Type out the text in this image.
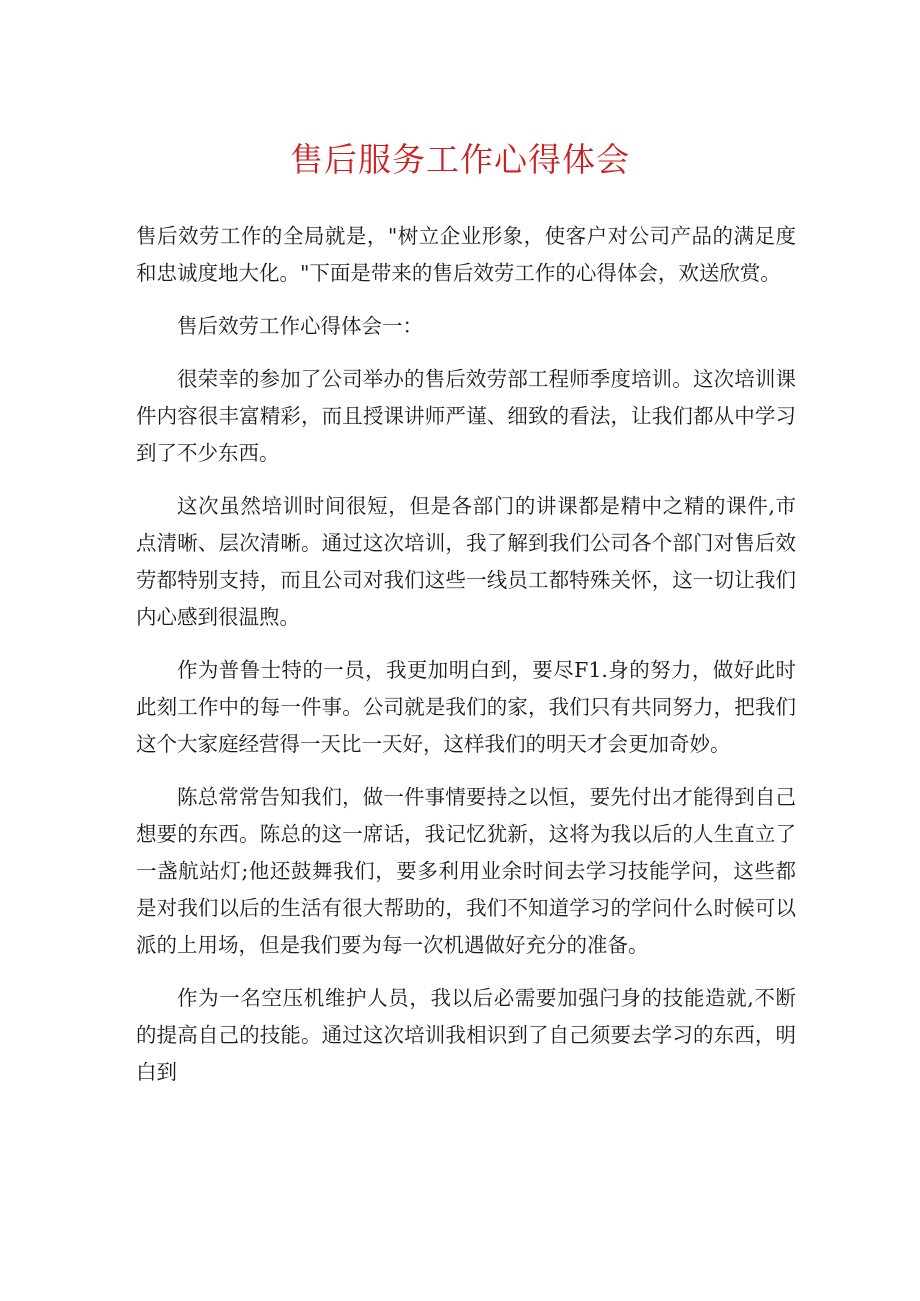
售后服务工作心得体会

售后效劳工作的全局就是，"树立企业形象，使客户对公司产品的满足度和忠诚度地大化。"下面是带来的售后效劳工作的心得体会，欢送欣赏。

售后效劳工作心得体会一：

很荣幸的参加了公司举办的售后效劳部工程师季度培训。这次培训课件内容很丰富精彩，而且授课讲师严谨、细致的看法，让我们都从中学习到了不少东西。

这次虽然培训时间很短，但是各部门的讲课都是精中之精的课件,市点清晰、层次清晰。通过这次培训，我了解到我们公司各个部门对售后效劳都特别支持，而且公司对我们这些一线员工都特殊关怀，这一切让我们内心感到很温煦。

作为普鲁士特的一员，我更加明白到，要尽F1.身的努力，做好此时此刻工作中的每一件事。公司就是我们的家，我们只有共同努力，把我们这个大家庭经营得一天比一天好，这样我们的明天才会更加奇妙。

陈总常常告知我们，做一件事情要持之以恒，要先付出才能得到自己想要的东西。陈总的这一席话，我记忆犹新，这将为我以后的人生直立了一盏航站灯;他还鼓舞我们，要多利用业余时间去学习技能学问，这些都是对我们以后的生活有很大帮助的，我们不知道学习的学问什么时候可以派的上用场，但是我们要为每一次机遇做好充分的准备。

作为一名空压机维护人员，我以后必需要加强闩身的技能造就,不断的提高自己的技能。通过这次培训我相识到了自己须要去学习的东西，明白到
